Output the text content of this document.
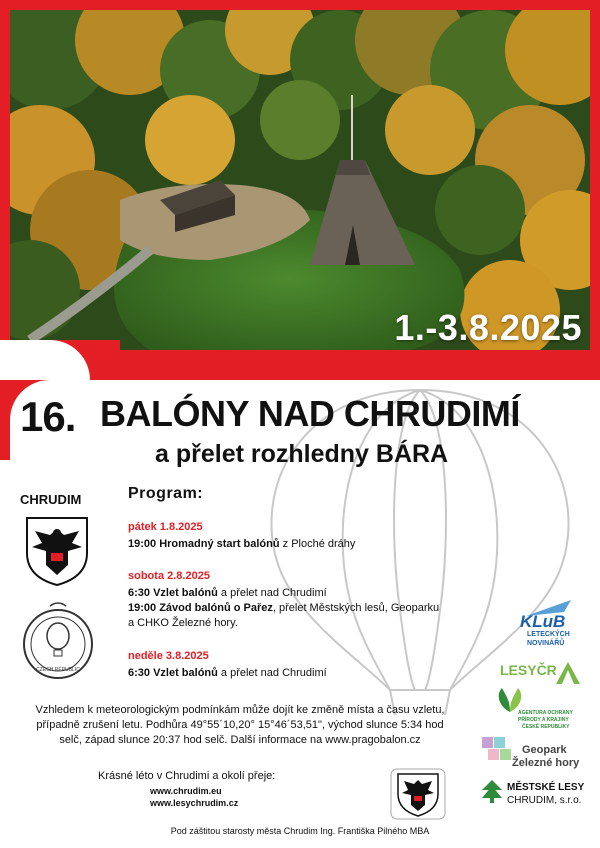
1.-3.8.2025
16. BALÓNY NAD CHRUDIMÍ
a přelet rozhledny BÁRA
CHRUDIM
CZECH REPUBLIC
Program:
pátek 1.8.2025
19:00 Hromadný start balónů z Ploché dráhy
sobota 2.8.2025
6:30 Vzlet balónů a přelet nad Chrudimí
19:00 Závod balónů o Pařez, přelet Městských lesů, Geoparku
a CHKO Železné hory.
neděle 3.8.2025
6:30 Vzlet balónů a přelet nad Chrudimí
Vzhledem k meteorologickým podmínkám může dojít ke změně místa a času vzletu,
případně zrušení letu. Podhůra 49°55´10,20° 15°46´53,51", východ slunce 5:34 hod
selč, západ slunce 20:37 hod selč. Další informace na www.pragobalon.cz
Krásné léto v Chrudimi a okolí přeje:
www.chrudim.eu
www.lesychrudim.cz
Pod záštitou starosty města Chrudim Ing. Františka Pilného MBA
KLuB
LETECKÝCH
NOVINÁŘŮ
LESYČR
AGENTURA OCHRANY
PŘÍRODY A KRAJINY
ČESKÉ REPUBLIKY
Geopark
Železné hory
MĚSTSKÉ LESY
CHRUDIM, s.r.o.
